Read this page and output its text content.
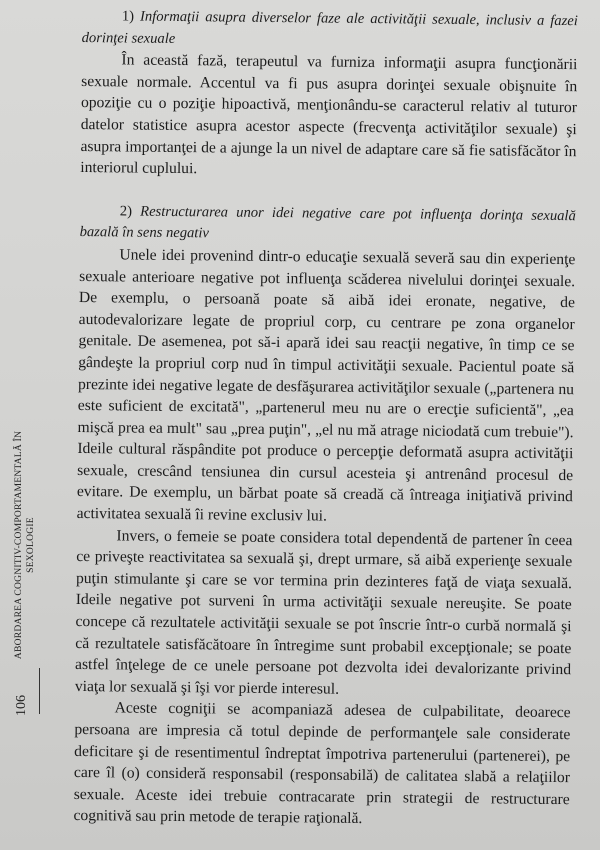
1) Informaţii asupra diverselor faze ale activităţii sexuale, inclusiv a fazei dorinţei sexuale

În această fază, terapeutul va furniza informaţii asupra funcţionării sexuale normale. Accentul va fi pus asupra dorinţei sexuale obişnuite în opoziţie cu o poziţie hipoactivă, menţionându-se caracterul relativ al tuturor datelor statistice asupra acestor aspecte (frecvenţa activităţilor sexuale) şi asupra importanţei de a ajunge la un nivel de adaptare care să fie satisfăcător în interiorul cuplului.

2) Restructurarea unor idei negative care pot influenţa dorinţa sexuală bazală în sens negativ

Unele idei provenind dintr-o educaţie sexuală severă sau din experienţe sexuale anterioare negative pot influenţa scăderea nivelului dorinţei sexuale. De exemplu, o persoană poate să aibă idei eronate, negative, de autodevalorizare legate de propriul corp, cu centrare pe zona organelor genitale. De asemenea, pot să-i apară idei sau reacţii negative, în timp ce se gândeşte la propriul corp nud în timpul activităţii sexuale. Pacientul poate să prezinte idei negative legate de desfăşurarea activităţilor sexuale („partenera nu este suficient de excitată", „partenerul meu nu are o erecţie suficientă", „ea mişcă prea ea mult" sau „prea puţin", „el nu mă atrage niciodată cum trebuie"). Ideile cultural răspândite pot produce o percepţie deformată asupra activităţii sexuale, crescând tensiunea din cursul acesteia şi antrenând procesul de evitare. De exemplu, un bărbat poate să creadă că întreaga iniţiativă privind activitatea sexuală îi revine exclusiv lui.

Invers, o femeie se poate considera total dependentă de partener în ceea ce priveşte reactivitatea sa sexuală şi, drept urmare, să aibă experienţe sexuale puţin stimulante şi care se vor termina prin dezinteres faţă de viaţa sexuală. Ideile negative pot surveni în urma activităţii sexuale nereuşite. Se poate concepe că rezultatele activităţii sexuale se pot înscrie într-o curbă normală şi că rezultatele satisfăcătoare în întregime sunt probabil excepţionale; se poate astfel înţelege de ce unele persoane pot dezvolta idei devalorizante privind viaţa lor sexuală şi îşi vor pierde interesul.

Aceste cogniţii se acompaniază adesea de culpabilitate, deoarece persoana are impresia că totul depinde de performanţele sale considerate deficitare şi de resentimentul îndreptat împotriva partenerului (partenerei), pe care îl (o) consideră responsabil (responsabilă) de calitatea slabă a relaţiilor sexuale. Aceste idei trebuie contracarate prin strategii de restructurare cognitivă sau prin metode de terapie raţională.

ABORDAREA COGNITIV-COMPORTAMENTALĂ ÎN SEXOLOGIE
106
